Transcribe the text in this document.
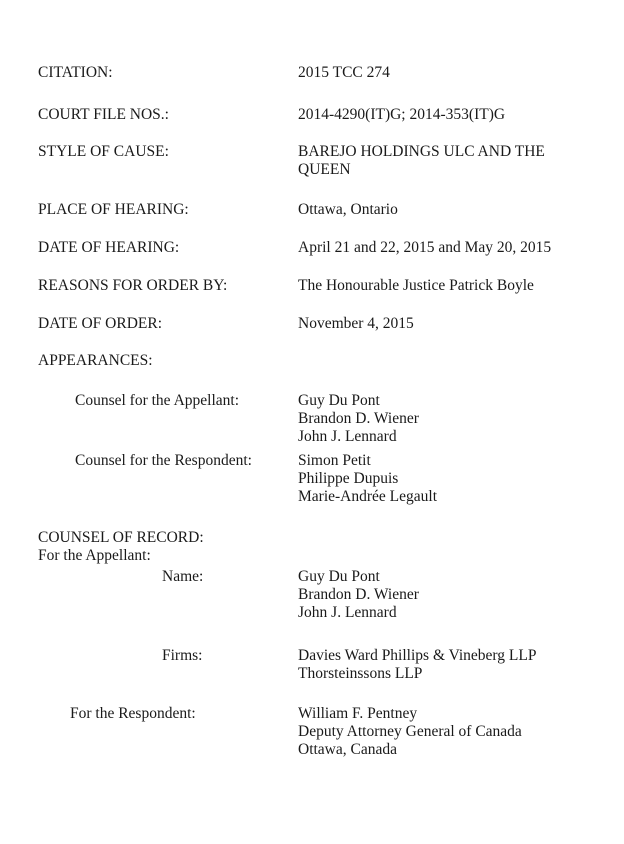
CITATION:	2015 TCC 274

COURT FILE NOS.:	2014-4290(IT)G; 2014-353(IT)G

STYLE OF CAUSE:	BAREJO HOLDINGS ULC AND THE

QUEEN

PLACE OF HEARING:	Ottawa, Ontario

DATE OF HEARING:	April 21 and 22, 2015 and May 20, 2015

REASONS FOR ORDER BY:	The Honourable Justice Patrick Boyle

DATE OF ORDER:	November 4, 2015

APPEARANCES:

Counsel for the Appellant:	Guy Du Pont
Brandon D. Wiener
John J. Lennard

Counsel for the Respondent:	Simon Petit
Philippe Dupuis
Marie-Andrée Legault

COUNSEL OF RECORD:

For the Appellant:

Name:	Guy Du Pont
Brandon D. Wiener
John J. Lennard

Firms:	Davies Ward Phillips & Vineberg LLP
Thorsteinssons LLP

For the Respondent:	William F. Pentney
Deputy Attorney General of Canada
Ottawa, Canada
